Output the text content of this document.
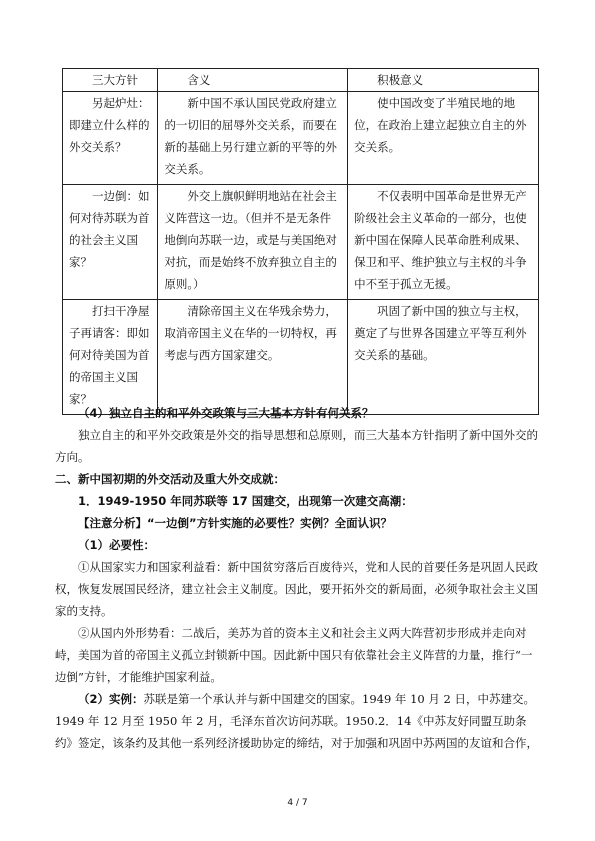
三大方针	含义	积极意义

另起炉灶：即建立什么样的外交关系？	新中国不承认国民党政府建立的一切旧的屈辱外交关系，而要在新的基础上另行建立新的平等的外交关系。	使中国改变了半殖民地的地位，在政治上建立起独立自主的外交关系。

一边倒：如何对待苏联为首的社会主义国家？	外交上旗帜鲜明地站在社会主义阵营这一边。（但并不是无条件地倒向苏联一边，或是与美国绝对对抗，而是始终不放弃独立自主的原则。）	不仅表明中国革命是世界无产阶级社会主义革命的一部分，也使新中国在保障人民革命胜利成果、保卫和平、维护独立与主权的斗争中不至于孤立无援。

打扫干净屋子再请客：即如何对待美国为首的帝国主义国家？	清除帝国主义在华残余势力，取消帝国主义在华的一切特权，再考虑与西方国家建交。	巩固了新中国的独立与主权，奠定了与世界各国建立平等互利外交关系的基础。

（4）独立自主的和平外交政策与三大基本方针有何关系？

独立自主的和平外交政策是外交的指导思想和总原则，而三大基本方针指明了新中国外交的方向。

二、新中国初期的外交活动及重大外交成就：

1．1949-1950 年同苏联等 17 国建交，出现第一次建交高潮：

【注意分析】“一边倒”方针实施的必要性？实例？全面认识？

（1）必要性：

①从国家实力和国家利益看：新中国贫穷落后百废待兴，党和人民的首要任务是巩固人民政权，恢复发展国民经济，建立社会主义制度。因此，要开拓外交的新局面，必须争取社会主义国家的支持。

②从国内外形势看：二战后，美苏为首的资本主义和社会主义两大阵营初步形成并走向对峙，美国为首的帝国主义孤立封锁新中国。因此新中国只有依靠社会主义阵营的力量，推行“一边倒”方针，才能维护国家利益。

（2）实例：苏联是第一个承认并与新中国建交的国家。1949 年 10 月 2 日，中苏建交。1949 年 12 月至 1950 年 2 月，毛泽东首次访问苏联。1950.2．14《中苏友好同盟互助条约》签定，该条约及其他一系列经济援助协定的缔结，对于加强和巩固中苏两国的友谊和合作，

4 / 7
